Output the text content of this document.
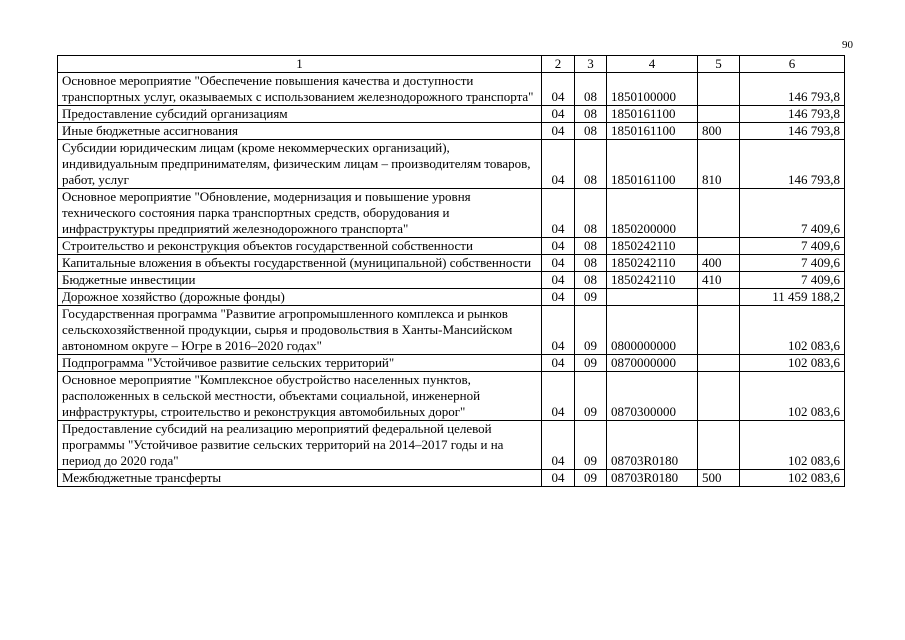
90
1	2	3	4	5	6
Основное мероприятие "Обеспечение повышения качества и доступности транспортных услуг, оказываемых с использованием железнодорожного транспорта"	04	08	1850100000		146 793,8
Предоставление субсидий организациям	04	08	1850161100		146 793,8
Иные бюджетные ассигнования	04	08	1850161100	800	146 793,8
Субсидии юридическим лицам (кроме некоммерческих организаций), индивидуальным предпринимателям, физическим лицам – производителям товаров, работ, услуг	04	08	1850161100	810	146 793,8
Основное мероприятие "Обновление, модернизация и повышение уровня технического состояния парка транспортных средств, оборудования и инфраструктуры предприятий железнодорожного транспорта"	04	08	1850200000		7 409,6
Строительство и реконструкция объектов государственной собственности	04	08	1850242110		7 409,6
Капитальные вложения в объекты государственной (муниципальной) собственности	04	08	1850242110	400	7 409,6
Бюджетные инвестиции	04	08	1850242110	410	7 409,6
Дорожное хозяйство (дорожные фонды)	04	09			11 459 188,2
Государственная программа "Развитие агропромышленного комплекса и рынков сельскохозяйственной продукции, сырья и продовольствия в Ханты-Мансийском автономном округе – Югре в 2016–2020 годах"	04	09	0800000000		102 083,6
Подпрограмма "Устойчивое развитие сельских территорий"	04	09	0870000000		102 083,6
Основное мероприятие "Комплексное обустройство населенных пунктов, расположенных в сельской местности, объектами социальной, инженерной инфраструктуры, строительство и реконструкция автомобильных дорог"	04	09	0870300000		102 083,6
Предоставление субсидий на реализацию мероприятий федеральной целевой программы "Устойчивое развитие сельских территорий на 2014–2017 годы и на период до 2020 года"	04	09	08703R0180		102 083,6
Межбюджетные трансферты	04	09	08703R0180	500	102 083,6
